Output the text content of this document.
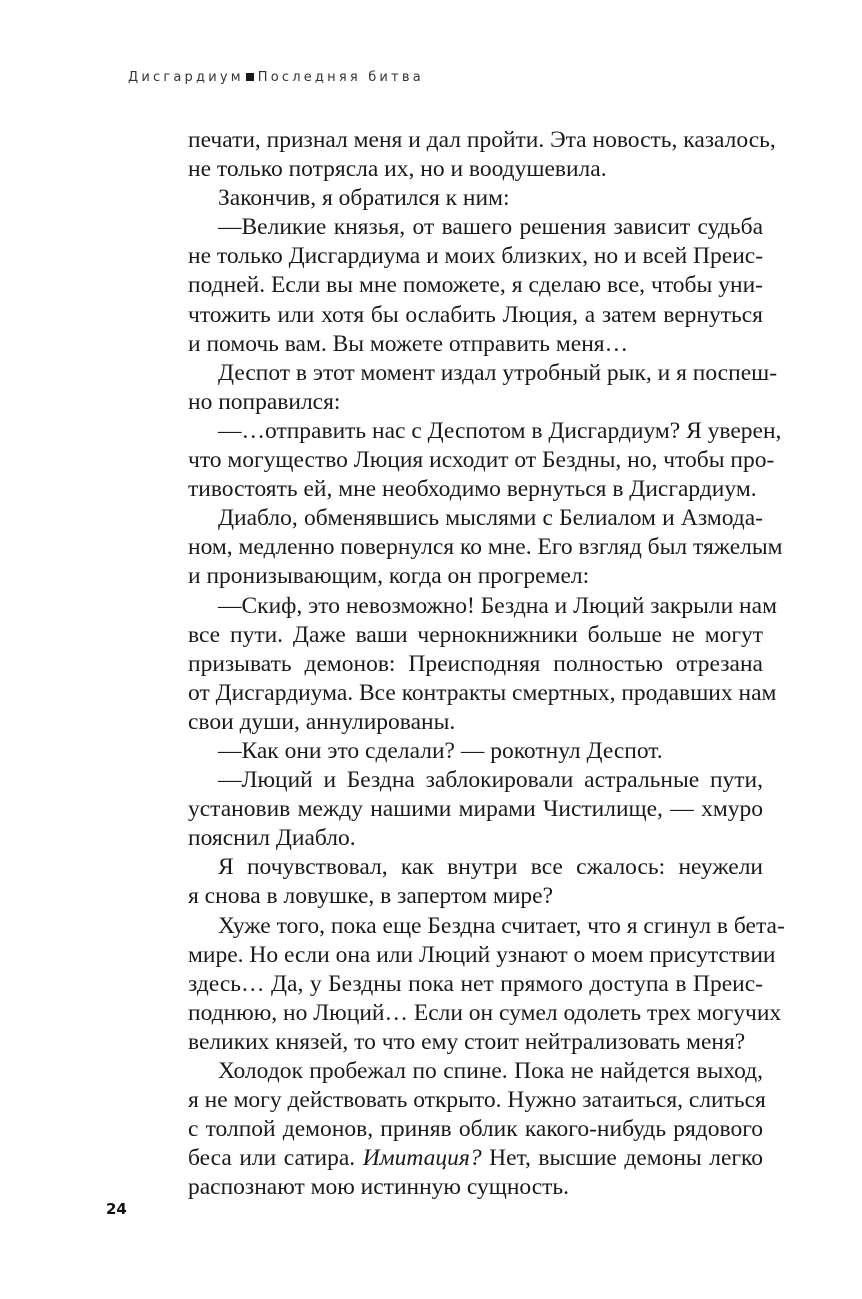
Дисгардиум Последняя битва
печати, признал меня и дал пройти. Эта новость, казалось,
не только потрясла их, но и воодушевила.
Закончив, я обратился к ним:
—Великие князья, от вашего решения зависит судьба
не только Дисгардиума и моих близких, но и всей Преис-
подней. Если вы мне поможете, я сделаю все, чтобы уни-
чтожить или хотя бы ослабить Люция, а затем вернуться
и помочь вам. Вы можете отправить меня…
Деспот в этот момент издал утробный рык, и я поспеш-
но поправился:
—…отправить нас с Деспотом в Дисгардиум? Я уверен,
что могущество Люция исходит от Бездны, но, чтобы про-
тивостоять ей, мне необходимо вернуться в Дисгардиум.
Диабло, обменявшись мыслями с Белиалом и Азмода-
ном, медленно повернулся ко мне. Его взгляд был тяжелым
и пронизывающим, когда он прогремел:
—Скиф, это невозможно! Бездна и Люций закрыли нам
все пути. Даже ваши чернокнижники больше не могут
призывать демонов: Преисподняя полностью отрезана
от Дисгардиума. Все контракты смертных, продавших нам
свои души, аннулированы.
—Как они это сделали? — рокотнул Деспот.
—Люций и Бездна заблокировали астральные пути,
установив между нашими мирами Чистилище, — хмуро
пояснил Диабло.
Я почувствовал, как внутри все сжалось: неужели
я снова в ловушке, в запертом мире?
Хуже того, пока еще Бездна считает, что я сгинул в бета-
мире. Но если она или Люций узнают о моем присутствии
здесь… Да, у Бездны пока нет прямого доступа в Преис-
поднюю, но Люций… Если он сумел одолеть трех могучих
великих князей, то что ему стоит нейтрализовать меня?
Холодок пробежал по спине. Пока не найдется выход,
я не могу действовать открыто. Нужно затаиться, слиться
с толпой демонов, приняв облик какого-нибудь рядового
беса или сатира. Имитация? Нет, высшие демоны легко
распознают мою истинную сущность.
24
